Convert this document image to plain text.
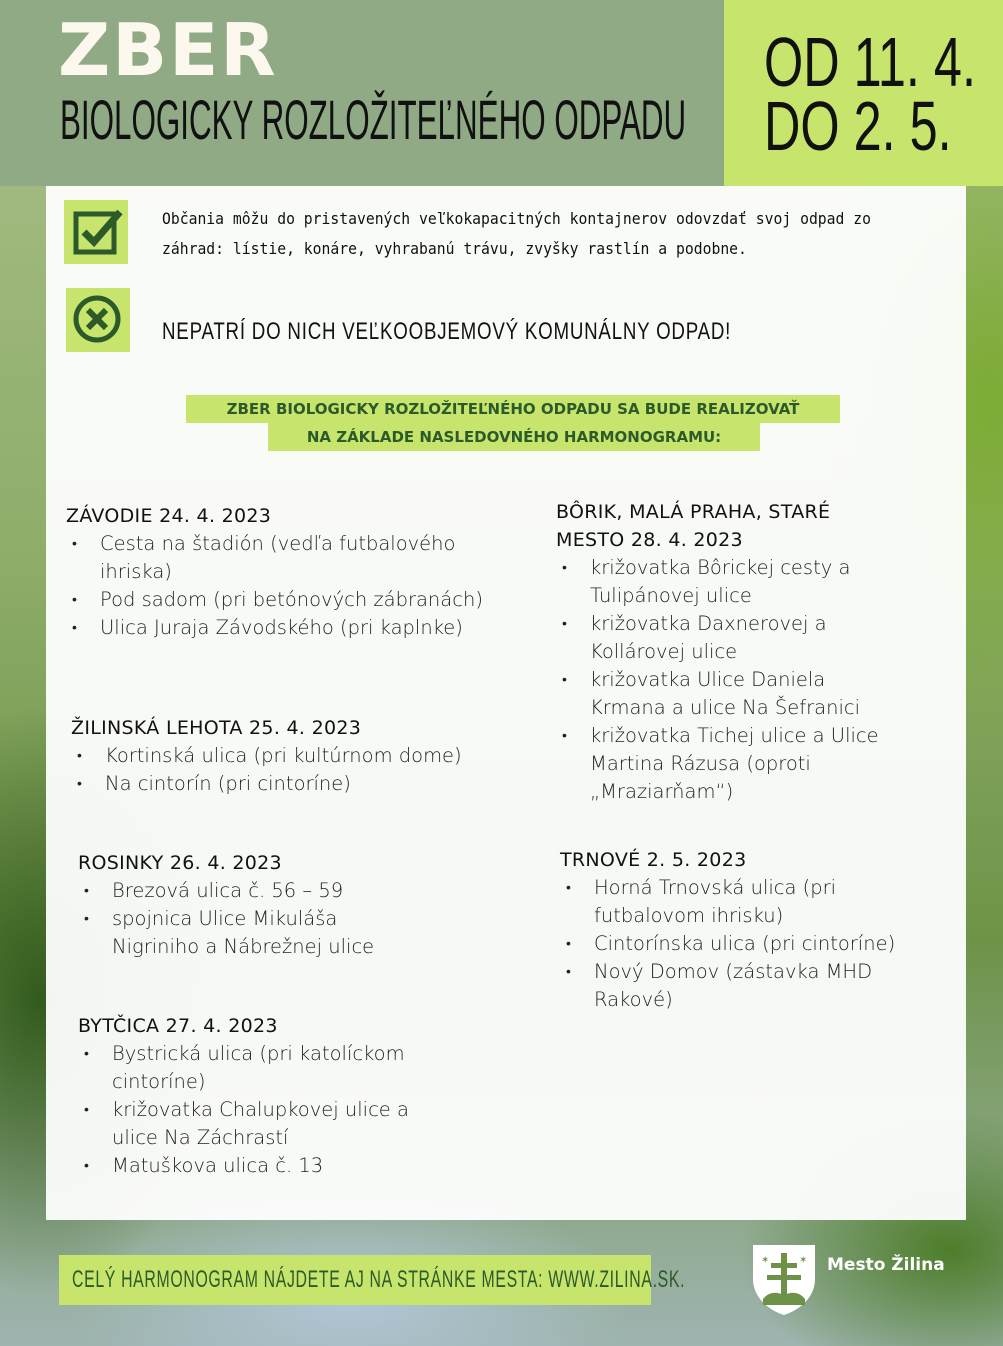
ZBER
BIOLOGICKY ROZLOŽITEĽNÉHO ODPADU
OD 11. 4.
DO 2. 5.
Občania môžu do pristavených veľkokapacitných kontajnerov odovzdať svoj odpad zo záhrad: lístie, konáre, vyhrabanú trávu, zvyšky rastlín a podobne.
NEPATRÍ DO NICH VEĽKOOBJEMOVÝ KOMUNÁLNY ODPAD!
ZBER BIOLOGICKY ROZLOŽITEĽNÉHO ODPADU SA BUDE REALIZOVAŤ
NA ZÁKLADE NASLEDOVNÉHO HARMONOGRAMU:
ZÁVODIE 24. 4. 2023
• Cesta na štadión (vedľa futbalového ihriska)
• Pod sadom (pri betónových zábranách)
• Ulica Juraja Závodského (pri kaplnke)
ŽILINSKÁ LEHOTA 25. 4. 2023
• Kortinská ulica (pri kultúrnom dome)
• Na cintorín (pri cintoríne)
ROSINKY 26. 4. 2023
• Brezová ulica č. 56 – 59
• spojnica Ulice Mikuláša Nigriniho a Nábrežnej ulice
BYTČICA 27. 4. 2023
• Bystrická ulica (pri katolíckom cintoríne)
• križovatka Chalupkovej ulice a ulice Na Záchrastí
• Matuškova ulica č. 13
BÔRIK, MALÁ PRAHA, STARÉ MESTO 28. 4. 2023
• križovatka Bôrickej cesty a Tulipánovej ulice
• križovatka Daxnerovej a Kollárovej ulice
• križovatka Ulice Daniela Krmana a ulice Na Šefranici
• križovatka Tichej ulice a Ulice Martina Rázusa (oproti „Mraziarňam“)
TRNOVÉ 2. 5. 2023
• Horná Trnovská ulica (pri futbalovom ihrisku)
• Cintorínska ulica (pri cintoríne)
• Nový Domov (zástavka MHD Rakové)
CELÝ HARMONOGRAM NÁJDETE AJ NA STRÁNKE MESTA: WWW.ZILINA.SK.
✶	✶ Mesto Žilina
